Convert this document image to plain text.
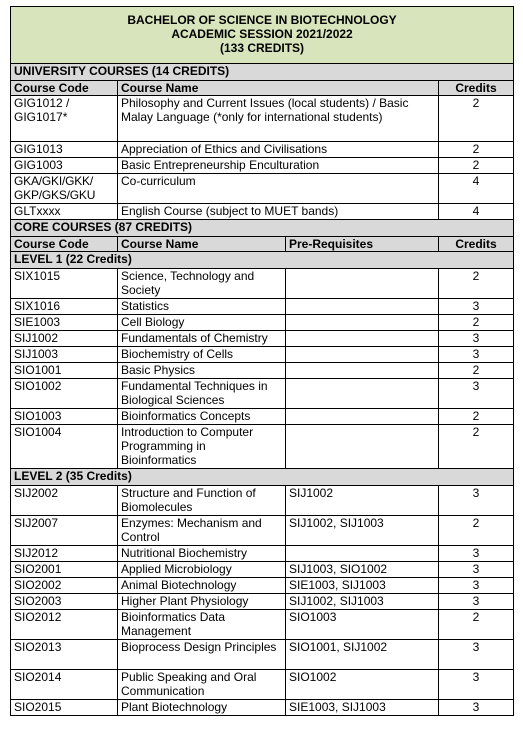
BACHELOR OF SCIENCE IN BIOTECHNOLOGY
ACADEMIC SESSION 2021/2022
(133 CREDITS)			

UNIVERSITY COURSES (14 CREDITS)			
Course Code	Course Name		Credits
GIG1012 / GIG1017*	Philosophy and Current Issues (local students) / Basic Malay Language (*only for international students)		2
GIG1013	Appreciation of Ethics and Civilisations		2
GIG1003	Basic Entrepreneurship Enculturation		2
GKA/GKI/GKK/ GKP/GKS/GKU	Co-curriculum		4
GLTxxxx	English Course (subject to MUET bands)		4
CORE COURSES (87 CREDITS)			
Course Code	Course Name	Pre-Requisites	Credits
LEVEL 1 (22 Credits)			
SIX1015	Science, Technology and Society		2
SIX1016	Statistics		3
SIE1003	Cell Biology		2
SIJ1002	Fundamentals of Chemistry		3
SIJ1003	Biochemistry of Cells		3
SIO1001	Basic Physics		2
SIO1002	Fundamental Techniques in Biological Sciences		3
SIO1003	Bioinformatics Concepts		2
SIO1004	Introduction to Computer Programming in Bioinformatics		2
LEVEL 2 (35 Credits)			
SIJ2002	Structure and Function of Biomolecules	SIJ1002	3
SIJ2007	Enzymes: Mechanism and Control	SIJ1002, SIJ1003	2
SIJ2012	Nutritional Biochemistry		3
SIO2001	Applied Microbiology	SIJ1003, SIO1002	3
SIO2002	Animal Biotechnology	SIE1003, SIJ1003	3
SIO2003	Higher Plant Physiology	SIJ1002, SIJ1003	3
SIO2012	Bioinformatics Data Management	SIO1003	2
SIO2013	Bioprocess Design Principles	SIO1001, SIJ1002	3
SIO2014	Public Speaking and Oral Communication	SIO1002	3
SIO2015	Plant Biotechnology	SIE1003, SIJ1003	3
